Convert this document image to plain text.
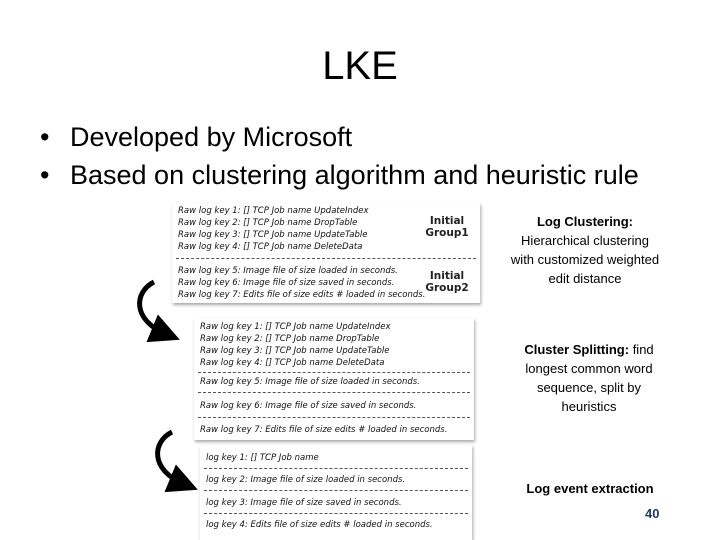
LKE
• Developed by Microsoft
• Based on clustering algorithm and heuristic rule
Raw log key 1: [] TCP Job name UpdateIndex
Raw log key 2: [] TCP Job name DropTable
Raw log key 3: [] TCP Job name UpdateTable
Raw log key 4: [] TCP Job name DeleteData
Raw log key 5: Image file of size loaded in seconds.
Raw log key 6: Image file of size saved in seconds.
Raw log key 7: Edits file of size edits # loaded in seconds.
Initial Group1
Initial Group2
Raw log key 1: [] TCP Job name UpdateIndex
Raw log key 2: [] TCP Job name DropTable
Raw log key 3: [] TCP Job name UpdateTable
Raw log key 4: [] TCP Job name DeleteData
Raw log key 5: Image file of size loaded in seconds.
Raw log key 6: Image file of size saved in seconds.
Raw log key 7: Edits file of size edits # loaded in seconds.
log key 1: [] TCP Job name
log key 2: Image file of size loaded in seconds.
log key 3: Image file of size saved in seconds.
log key 4: Edits file of size edits # loaded in seconds.
Log Clustering:
Hierarchical clustering
with customized weighted
edit distance
Cluster Splitting: find
longest common word
sequence, split by
heuristics
Log event extraction
40
